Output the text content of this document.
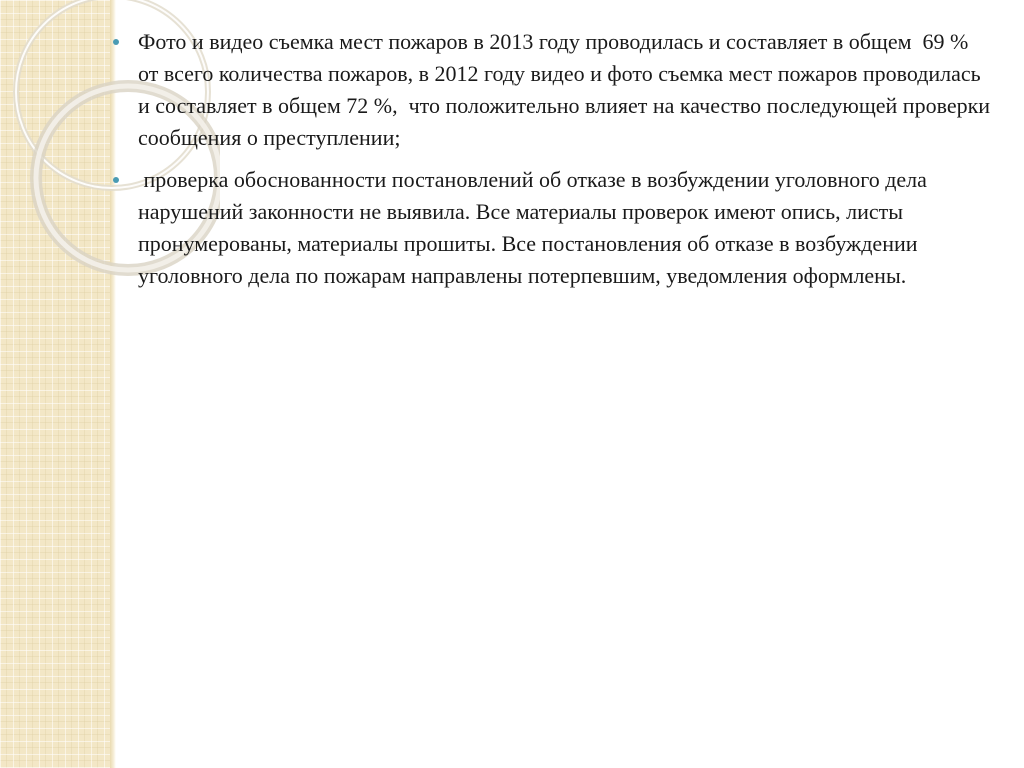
Фото и видео съемка мест пожаров в 2013 году проводилась и составляет в общем  69 % от всего количества пожаров, в 2012 году видео и фото съемка мест пожаров проводилась  и составляет в общем 72 %,  что положительно влияет на качество последующей проверки сообщения о преступлении;
проверка обоснованности постановлений об отказе в возбуждении уголовного дела нарушений законности не выявила. Все материалы проверок имеют опись, листы пронумерованы, материалы прошиты. Все постановления об отказе в возбуждении уголовного дела по пожарам направлены потерпевшим, уведомления оформлены.
